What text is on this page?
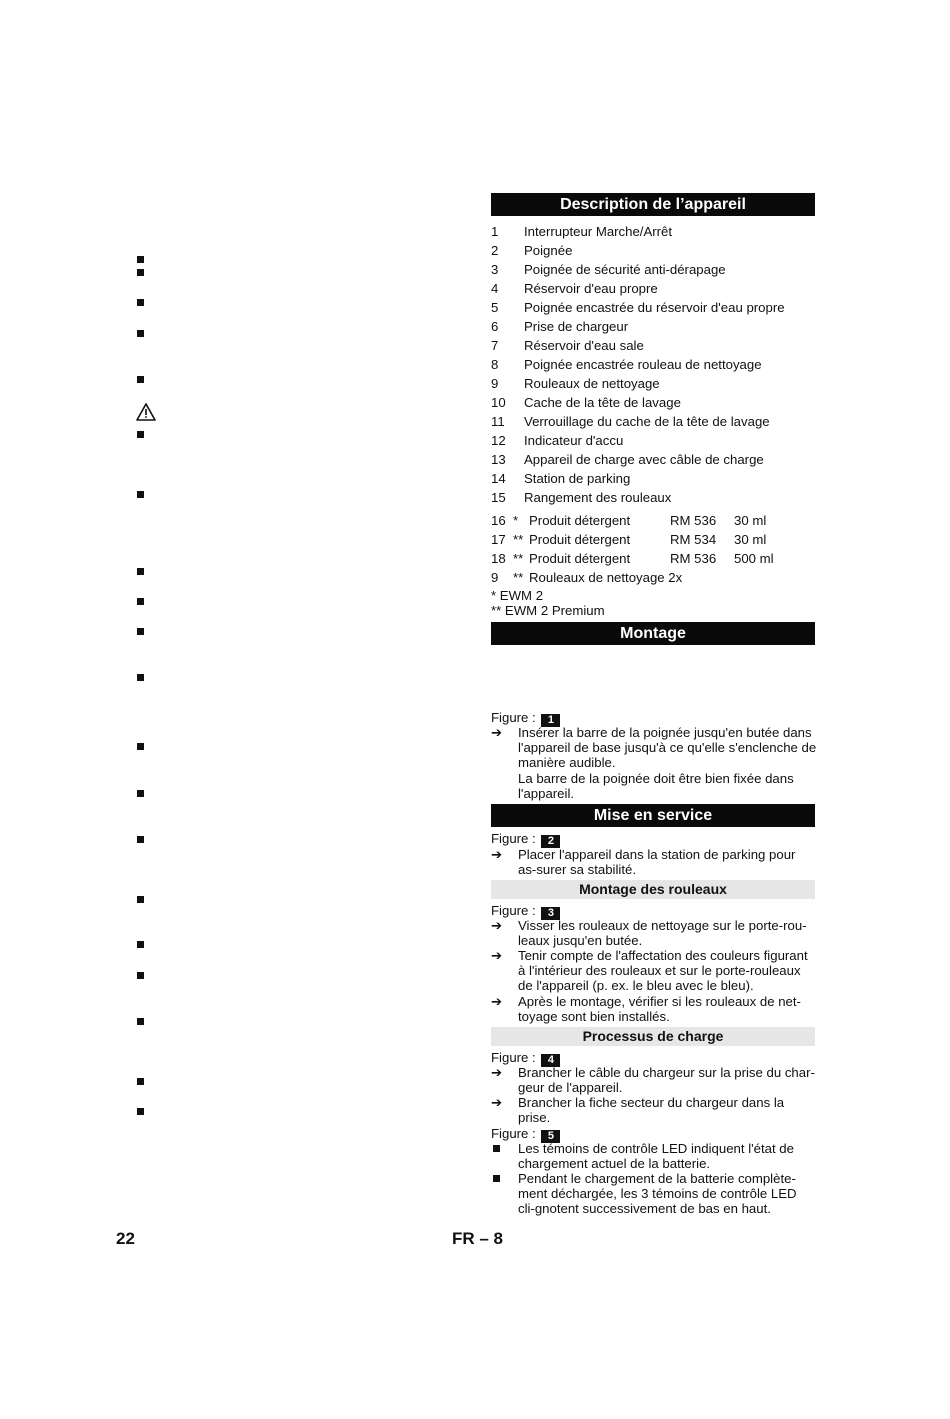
Description de l’appareil
1	Interrupteur Marche/Arrêt
2	Poignée
3	Poignée de sécurité anti-dérapage
4	Réservoir d'eau propre
5	Poignée encastrée du réservoir d'eau propre
6	Prise de chargeur
7	Réservoir d'eau sale
8	Poignée encastrée rouleau de nettoyage
9	Rouleaux de nettoyage
10	Cache de la tête de lavage
11	Verrouillage du cache de la tête de lavage
12	Indicateur d'accu
13	Appareil de charge avec câble de charge
14	Station de parking
15	Rangement des rouleaux
16 * Produit détergent	RM 536	30 ml
17 ** Produit détergent	RM 534	30 ml
18 ** Produit détergent	RM 536	500 ml
9	** Rouleaux de nettoyage 2x
* EWM 2
** EWM 2 Premium
Montage
Figure : 1
➔	Insérer la barre de la poignée jusqu'en butée dans l'appareil de base jusqu'à ce qu'elle s'enclenche de manière audible.
La barre de la poignée doit être bien fixée dans l'appareil.
Mise en service
Figure : 2
➔	Placer l'appareil dans la station de parking pour as-surer sa stabilité.
Montage des rouleaux
Figure : 3
➔	Visser les rouleaux de nettoyage sur le porte-rou-leaux jusqu'en butée.
➔	Tenir compte de l'affectation des couleurs figurant à l'intérieur des rouleaux et sur le porte-rouleaux de l'appareil (p. ex. le bleu avec le bleu).
➔	Après le montage, vérifier si les rouleaux de net-toyage sont bien installés.
Processus de charge
Figure : 4
➔	Brancher le câble du chargeur sur la prise du char-geur de l'appareil.
➔	Brancher la fiche secteur du chargeur dans la prise.
Figure : 5
Les témoins de contrôle LED indiquent l'état de chargement actuel de la batterie.
Pendant le chargement de la batterie complète-ment déchargée, les 3 témoins de contrôle LED cli-gnotent successivement de bas en haut.
22	FR – 8
